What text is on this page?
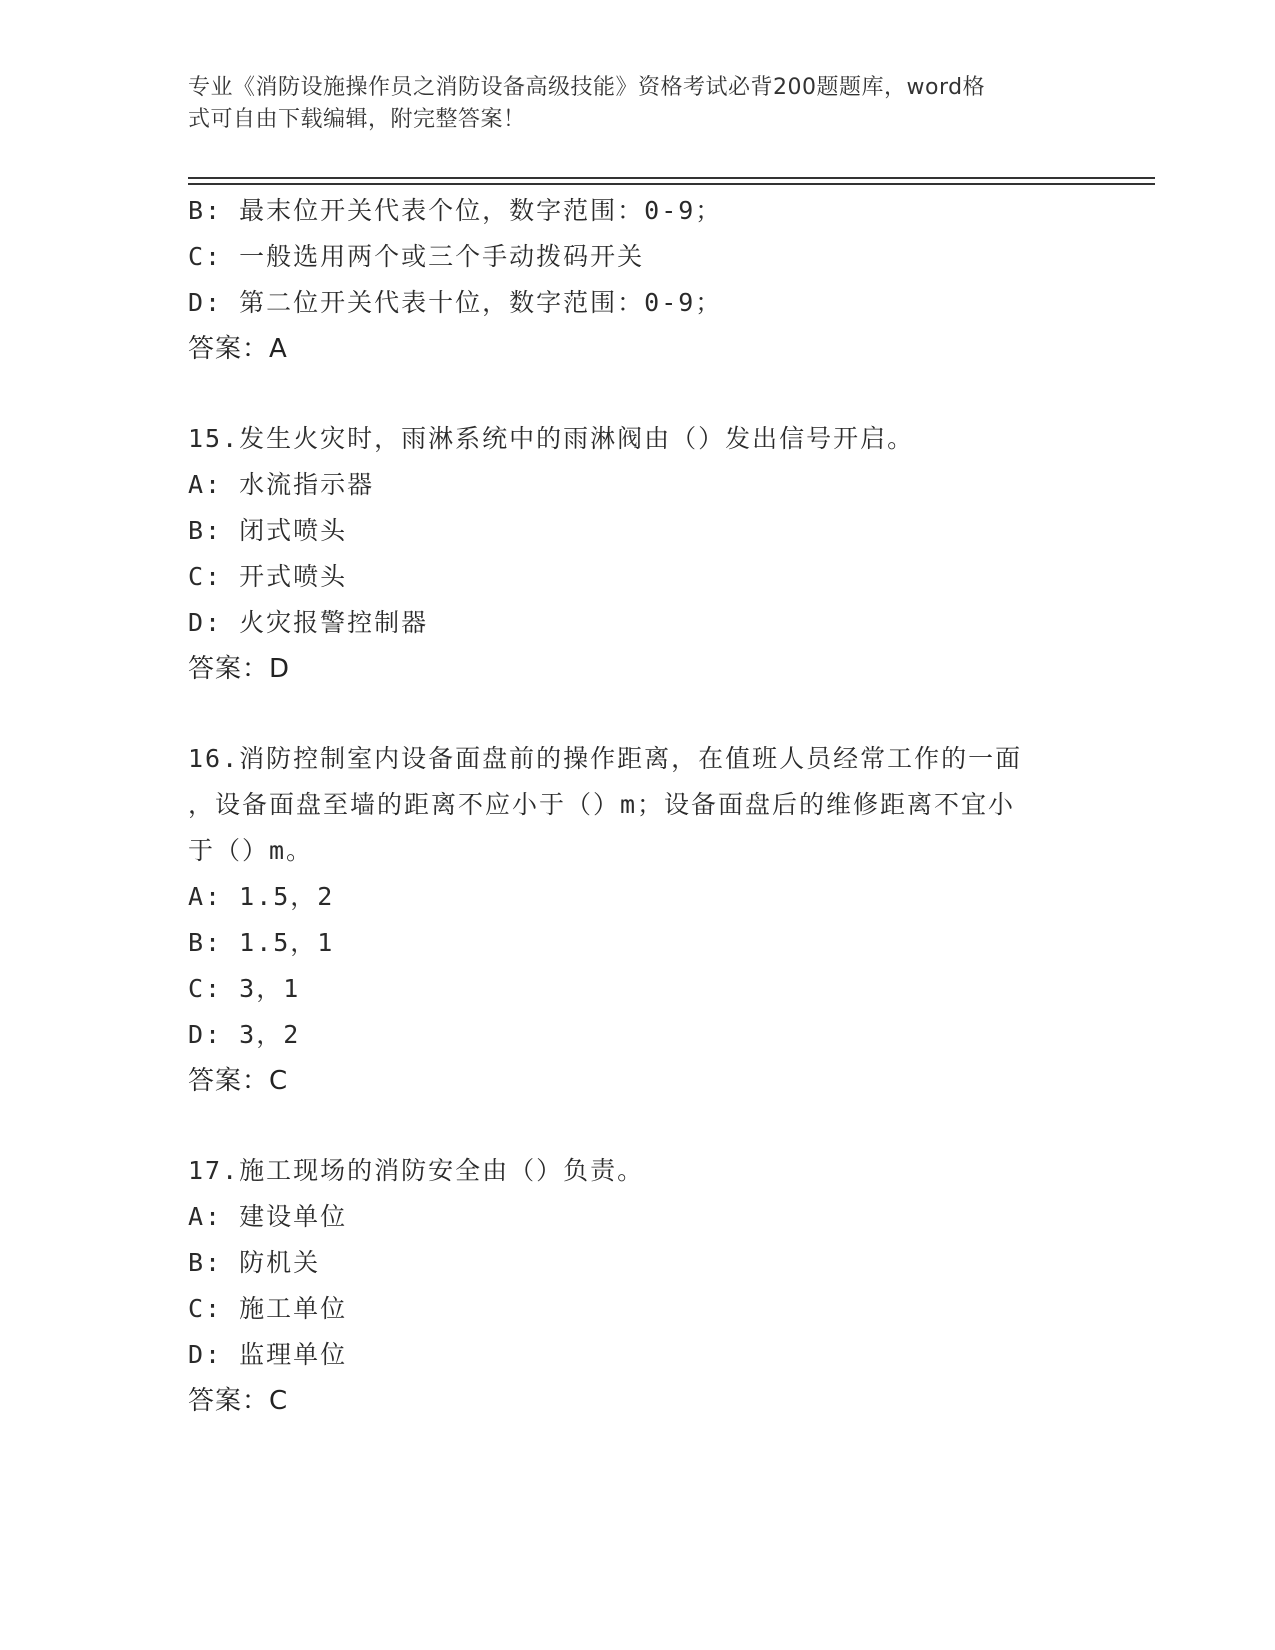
专业《消防设施操作员之消防设备高级技能》资格考试必背200题题库，word格
式可自由下载编辑，附完整答案！
B: 最末位开关代表个位，数字范围：0-9；
C: 一般选用两个或三个手动拨码开关
D: 第二位开关代表十位，数字范围：0-9；
答案：A
15.发生火灾时，雨淋系统中的雨淋阀由（）发出信号开启。
A: 水流指示器
B: 闭式喷头
C: 开式喷头
D: 火灾报警控制器
答案：D
16.消防控制室内设备面盘前的操作距离，在值班人员经常工作的一面
，设备面盘至墙的距离不应小于（）m；设备面盘后的维修距离不宜小
于（）m。
A: 1.5，2
B: 1.5，1
C: 3，1
D: 3，2
答案：C
17.施工现场的消防安全由（）负责。
A: 建设单位
B: 防机关
C: 施工单位
D: 监理单位
答案：C
